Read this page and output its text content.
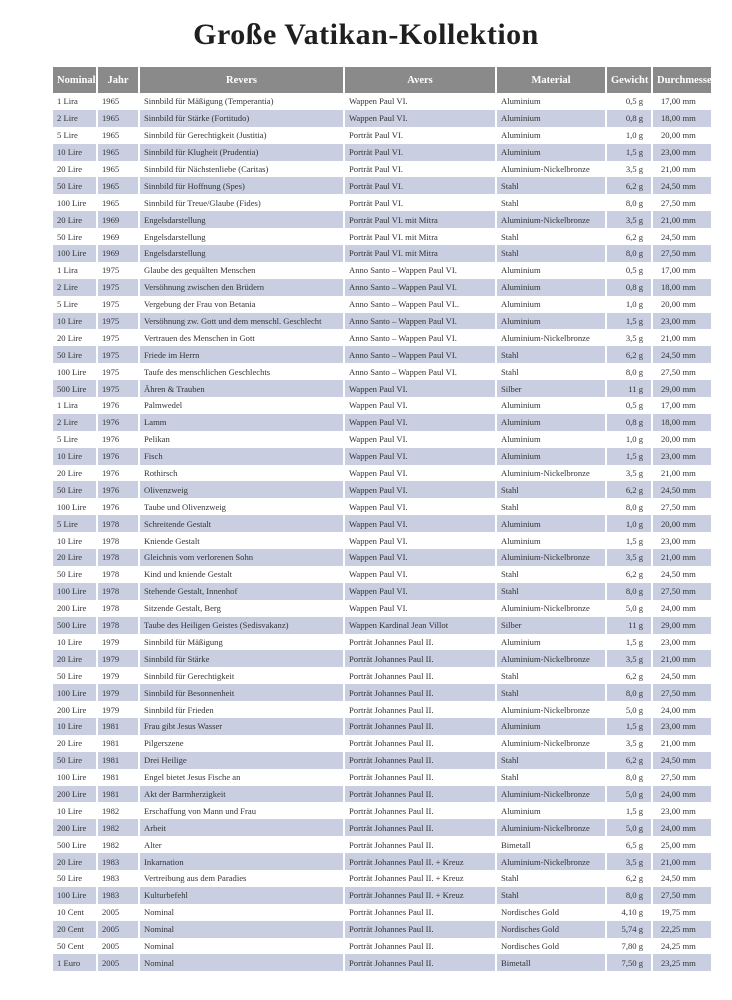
Große Vatikan-Kollektion
Nominal	Jahr	Revers	Avers	Material	Gewicht	Durchmesser
1 Lira	1965	Sinnbild für Mäßigung (Temperantia)	Wappen Paul VI.	Aluminium	0,5 g	17,00 mm
2 Lire	1965	Sinnbild für Stärke (Fortitudo)	Wappen Paul VI.	Aluminium	0,8 g	18,00 mm
5 Lire	1965	Sinnbild für Gerechtigkeit (Justitia)	Porträt Paul VI.	Aluminium	1,0 g	20,00 mm
10 Lire	1965	Sinnbild für Klugheit (Prudentia)	Porträt Paul VI.	Aluminium	1,5 g	23,00 mm
20 Lire	1965	Sinnbild für Nächstenliebe (Caritas)	Porträt Paul VI.	Aluminium-Nickelbronze	3,5 g	21,00 mm
50 Lire	1965	Sinnbild für Hoffnung (Spes)	Porträt Paul VI.	Stahl	6,2 g	24,50 mm
100 Lire	1965	Sinnbild für Treue/Glaube (Fides)	Porträt Paul VI.	Stahl	8,0 g	27,50 mm
20 Lire	1969	Engelsdarstellung	Porträt Paul VI. mit Mitra	Aluminium-Nickelbronze	3,5 g	21,00 mm
50 Lire	1969	Engelsdarstellung	Porträt Paul VI. mit Mitra	Stahl	6,2 g	24,50 mm
100 Lire	1969	Engelsdarstellung	Porträt Paul VI. mit Mitra	Stahl	8,0 g	27,50 mm
1 Lira	1975	Glaube des gequälten Menschen	Anno Santo – Wappen Paul VI.	Aluminium	0,5 g	17,00 mm
2 Lire	1975	Versöhnung zwischen den Brüdern	Anno Santo – Wappen Paul VI.	Aluminium	0,8 g	18,00 mm
5 Lire	1975	Vergebung der Frau von Betania	Anno Santo – Wappen Paul VI..	Aluminium	1,0 g	20,00 mm
10 Lire	1975	Versöhnung zw. Gott und dem menschl. Geschlecht	Anno Santo – Wappen Paul VI.	Aluminium	1,5 g	23,00 mm
20 Lire	1975	Vertrauen des Menschen in Gott	Anno Santo – Wappen Paul VI.	Aluminium-Nickelbronze	3,5 g	21,00 mm
50 Lire	1975	Friede im Herrn	Anno Santo – Wappen Paul VI.	Stahl	6,2 g	24,50 mm
100 Lire	1975	Taufe des menschlichen Geschlechts	Anno Santo – Wappen Paul VI.	Stahl	8,0 g	27,50 mm
500 Lire	1975	Ähren & Trauben	Wappen Paul VI.	Silber	11 g	29,00 mm
1 Lira	1976	Palmwedel	Wappen Paul VI.	Aluminium	0,5 g	17,00 mm
2 Lire	1976	Lamm	Wappen Paul VI.	Aluminium	0,8 g	18,00 mm
5 Lire	1976	Pelikan	Wappen Paul VI.	Aluminium	1,0 g	20,00 mm
10 Lire	1976	Fisch	Wappen Paul VI.	Aluminium	1,5 g	23,00 mm
20 Lire	1976	Rothirsch	Wappen Paul VI.	Aluminium-Nickelbronze	3,5 g	21,00 mm
50 Lire	1976	Olivenzweig	Wappen Paul VI.	Stahl	6,2 g	24,50 mm
100 Lire	1976	Taube und Olivenzweig	Wappen Paul VI.	Stahl	8,0 g	27,50 mm
5 Lire	1978	Schreitende Gestalt	Wappen Paul VI.	Aluminium	1,0 g	20,00 mm
10 Lire	1978	Kniende Gestalt	Wappen Paul VI.	Aluminium	1,5 g	23,00 mm
20 Lire	1978	Gleichnis vom verlorenen Sohn	Wappen Paul VI.	Aluminium-Nickelbronze	3,5 g	21,00 mm
50 Lire	1978	Kind und kniende Gestalt	Wappen Paul VI.	Stahl	6,2 g	24,50 mm
100 Lire	1978	Stehende Gestalt, Innenhof	Wappen Paul VI.	Stahl	8,0 g	27,50 mm
200 Lire	1978	Sitzende Gestalt, Berg	Wappen Paul VI.	Aluminium-Nickelbronze	5,0 g	24,00 mm
500 Lire	1978	Taube des Heiligen Geistes (Sedisvakanz)	Wappen Kardinal Jean Villot	Silber	11 g	29,00 mm
10 Lire	1979	Sinnbild für Mäßigung	Porträt Johannes Paul II.	Aluminium	1,5 g	23,00 mm
20 Lire	1979	Sinnbild für Stärke	Porträt Johannes Paul II.	Aluminium-Nickelbronze	3,5 g	21,00 mm
50 Lire	1979	Sinnbild für Gerechtigkeit	Porträt Johannes Paul II.	Stahl	6,2 g	24,50 mm
100 Lire	1979	Sinnbild für Besonnenheit	Porträt Johannes Paul II.	Stahl	8,0 g	27,50 mm
200 Lire	1979	Sinnbild für Frieden	Porträt Johannes Paul II.	Aluminium-Nickelbronze	5,0 g	24,00 mm
10 Lire	1981	Frau gibt Jesus Wasser	Porträt Johannes Paul II.	Aluminium	1,5 g	23,00 mm
20 Lire	1981	Pilgerszene	Porträt Johannes Paul II.	Aluminium-Nickelbronze	3,5 g	21,00 mm
50 Lire	1981	Drei Heilige	Porträt Johannes Paul II.	Stahl	6,2 g	24,50 mm
100 Lire	1981	Engel bietet Jesus Fische an	Porträt Johannes Paul II.	Stahl	8,0 g	27,50 mm
200 Lire	1981	Akt der Barmherzigkeit	Porträt Johannes Paul II.	Aluminium-Nickelbronze	5,0 g	24,00 mm
10 Lire	1982	Erschaffung von Mann und Frau	Porträt Johannes Paul II.	Aluminium	1,5 g	23,00 mm
200 Lire	1982	Arbeit	Porträt Johannes Paul II.	Aluminium-Nickelbronze	5,0 g	24,00 mm
500 Lire	1982	Alter	Porträt Johannes Paul II.	Bimetall	6,5 g	25,00 mm
20 Lire	1983	Inkarnation	Porträt Johannes Paul II. + Kreuz	Aluminium-Nickelbronze	3,5 g	21,00 mm
50 Lire	1983	Vertreibung aus dem Paradies	Porträt Johannes Paul II. + Kreuz	Stahl	6,2 g	24,50 mm
100 Lire	1983	Kulturbefehl	Porträt Johannes Paul II. + Kreuz	Stahl	8,0 g	27,50 mm
10 Cent	2005	Nominal	Porträt Johannes Paul II.	Nordisches Gold	4,10 g	19,75 mm
20 Cent	2005	Nominal	Porträt Johannes Paul II.	Nordisches Gold	5,74 g	22,25 mm
50 Cent	2005	Nominal	Porträt Johannes Paul II.	Nordisches Gold	7,80 g	24,25 mm
1 Euro	2005	Nominal	Porträt Johannes Paul II.	Bimetall	7,50 g	23,25 mm
